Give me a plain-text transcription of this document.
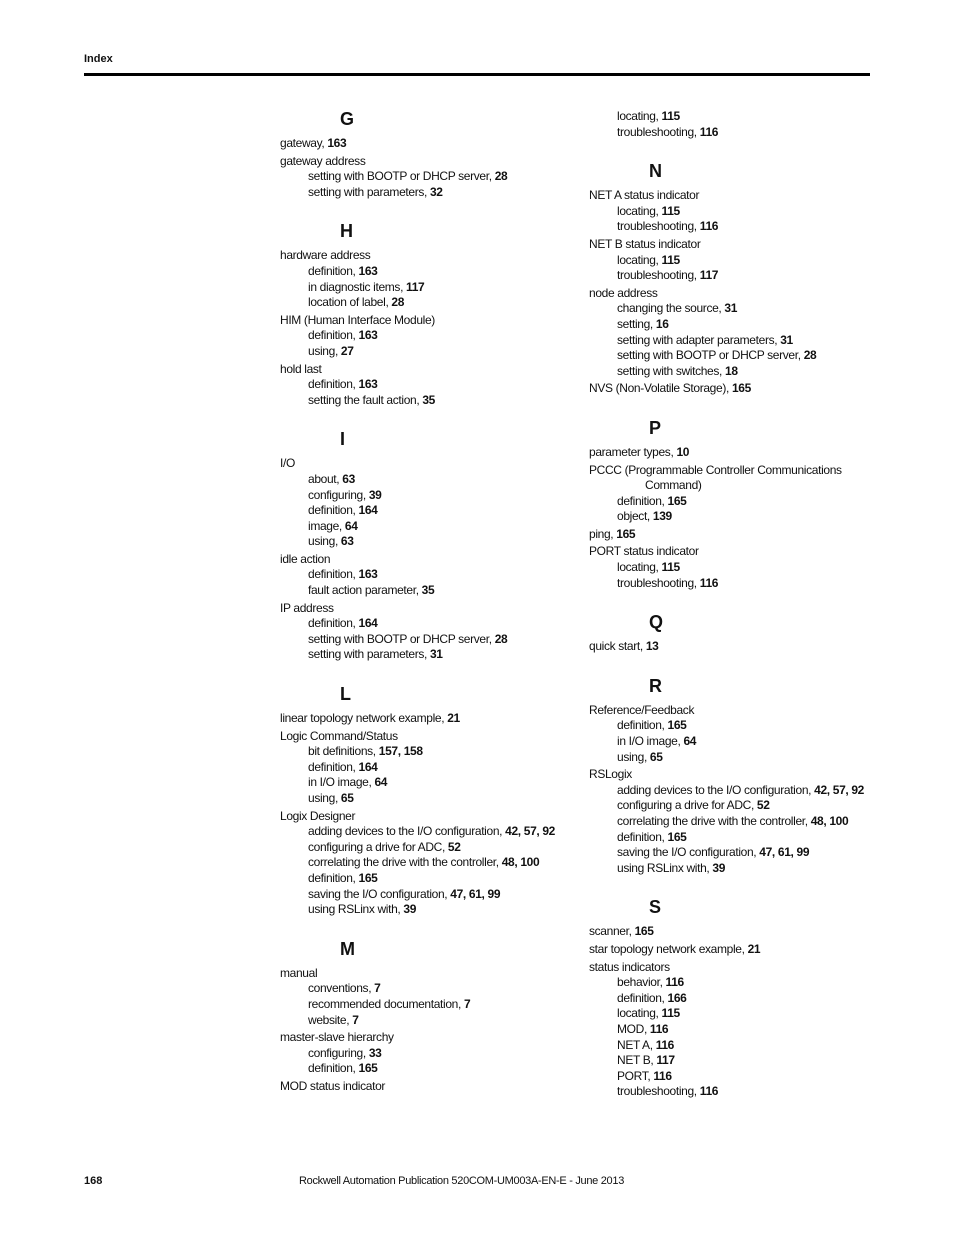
Index
G
gateway, 163
gateway address
setting with BOOTP or DHCP server, 28
setting with parameters, 32
H
hardware address
definition, 163
in diagnostic items, 117
location of label, 28
HIM (Human Interface Module)
definition, 163
using, 27
hold last
definition, 163
setting the fault action, 35
I
I/O
about, 63
configuring, 39
definition, 164
image, 64
using, 63
idle action
definition, 163
fault action parameter, 35
IP address
definition, 164
setting with BOOTP or DHCP server, 28
setting with parameters, 31
L
linear topology network example, 21
Logic Command/Status
bit definitions, 157, 158
definition, 164
in I/O image, 64
using, 65
Logix Designer
adding devices to the I/O configuration, 42, 57, 92
configuring a drive for ADC, 52
correlating the drive with the controller, 48, 100
definition, 165
saving the I/O configuration, 47, 61, 99
using RSLinx with, 39
M
manual
conventions, 7
recommended documentation, 7
website, 7
master-slave hierarchy
configuring, 33
definition, 165
MOD status indicator
locating, 115
troubleshooting, 116
N
NET A status indicator
locating, 115
troubleshooting, 116
NET B status indicator
locating, 115
troubleshooting, 117
node address
changing the source, 31
setting, 16
setting with adapter parameters, 31
setting with BOOTP or DHCP server, 28
setting with switches, 18
NVS (Non-Volatile Storage), 165
P
parameter types, 10
PCCC (Programmable Controller Communications
Command)
definition, 165
object, 139
ping, 165
PORT status indicator
locating, 115
troubleshooting, 116
Q
quick start, 13
R
Reference/Feedback
definition, 165
in I/O image, 64
using, 65
RSLogix
adding devices to the I/O configuration, 42, 57, 92
configuring a drive for ADC, 52
correlating the drive with the controller, 48, 100
definition, 165
saving the I/O configuration, 47, 61, 99
using RSLinx with, 39
S
scanner, 165
star topology network example, 21
status indicators
behavior, 116
definition, 166
locating, 115
MOD, 116
NET A, 116
NET B, 117
PORT, 116
troubleshooting, 116
168	Rockwell Automation Publication 520COM-UM003A-EN-E - June 2013
